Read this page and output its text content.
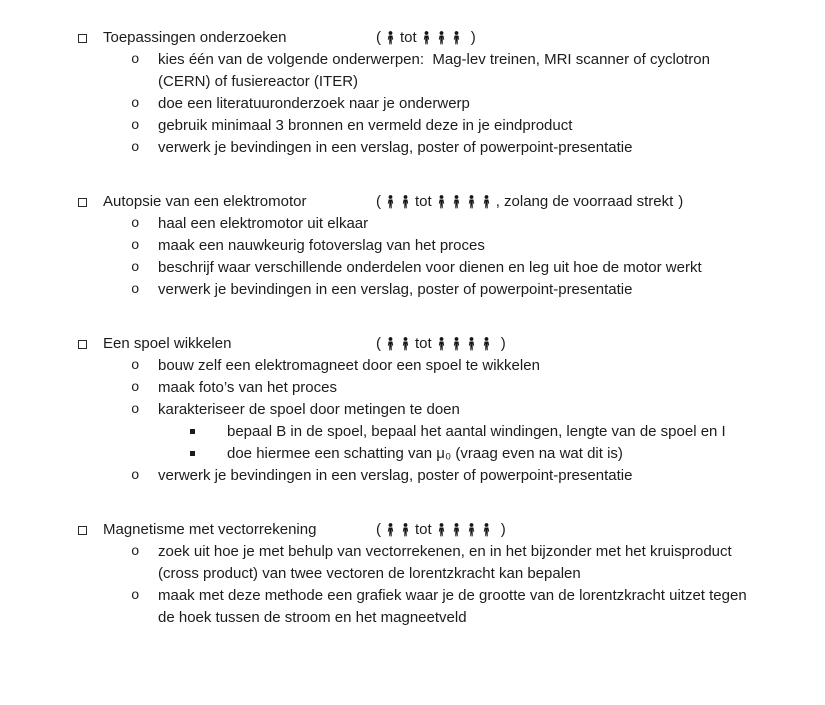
Toepassingen onderzoeken	( tot	)
o kies één van de volgende onderwerpen:  Mag-lev treinen, MRI scanner of cyclotron (CERN) of fusiereactor (ITER)
o doe een literatuuronderzoek naar je onderwerp
o gebruik minimaal 3 bronnen en vermeld deze in je eindproduct
o verwerk je bevindingen in een verslag, poster of powerpoint-presentatie
Autopsie van een elektromotor	( tot	, zolang de voorraad strekt )
o haal een elektromotor uit elkaar
o maak een nauwkeurig fotoverslag van het proces
o beschrijf waar verschillende onderdelen voor dienen en leg uit hoe de motor werkt
o verwerk je bevindingen in een verslag, poster of powerpoint-presentatie
Een spoel wikkelen	( tot	)
o bouw zelf een elektromagneet door een spoel te wikkelen
o maak foto’s van het proces
o karakteriseer de spoel door metingen te doen
bepaal B in de spoel, bepaal het aantal windingen, lengte van de spoel en I
doe hiermee een schatting van μ₀ (vraag even na wat dit is)
o verwerk je bevindingen in een verslag, poster of powerpoint-presentatie
Magnetisme met vectorrekening	( tot	)
o zoek uit hoe je met behulp van vectorrekenen, en in het bijzonder met het kruisproduct (cross product) van twee vectoren de lorentzkracht kan bepalen
o maak met deze methode een grafiek waar je de grootte van de lorentzkracht uitzet tegen de hoek tussen de stroom en het magneetveld
